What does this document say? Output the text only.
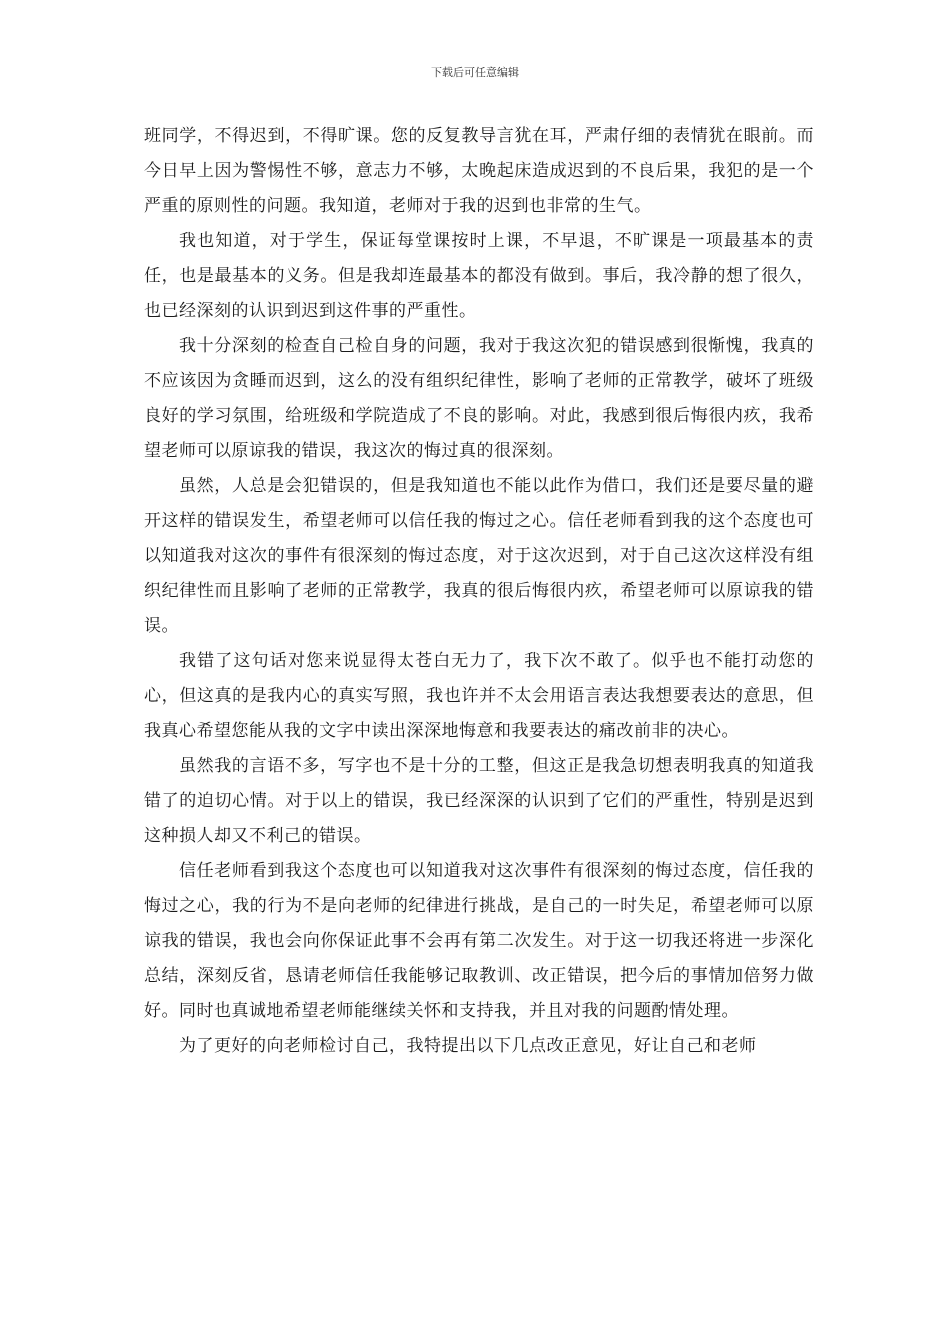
下载后可任意编辑

班同学，不得迟到，不得旷课。您的反复教导言犹在耳，严肃仔细的表情犹在眼前。而今日早上因为警惕性不够，意志力不够，太晚起床造成迟到的不良后果，我犯的是一个严重的原则性的问题。我知道，老师对于我的迟到也非常的生气。

我也知道，对于学生，保证每堂课按时上课，不早退，不旷课是一项最基本的责任，也是最基本的义务。但是我却连最基本的都没有做到。事后，我冷静的想了很久，也已经深刻的认识到迟到这件事的严重性。

我十分深刻的检查自己检自身的问题，我对于我这次犯的错误感到很惭愧，我真的不应该因为贪睡而迟到，这么的没有组织纪律性，影响了老师的正常教学，破坏了班级良好的学习氛围，给班级和学院造成了不良的影响。对此，我感到很后悔很内疚，我希望老师可以原谅我的错误，我这次的悔过真的很深刻。

虽然，人总是会犯错误的，但是我知道也不能以此作为借口，我们还是要尽量的避开这样的错误发生，希望老师可以信任我的悔过之心。信任老师看到我的这个态度也可以知道我对这次的事件有很深刻的悔过态度，对于这次迟到，对于自己这次这样没有组织纪律性而且影响了老师的正常教学，我真的很后悔很内疚，希望老师可以原谅我的错误。

我错了这句话对您来说显得太苍白无力了，我下次不敢了。似乎也不能打动您的心，但这真的是我内心的真实写照，我也许并不太会用语言表达我想要表达的意思，但我真心希望您能从我的文字中读出深深地悔意和我要表达的痛改前非的决心。

虽然我的言语不多，写字也不是十分的工整，但这正是我急切想表明我真的知道我错了的迫切心情。对于以上的错误，我已经深深的认识到了它们的严重性，特别是迟到这种损人却又不利己的错误。

信任老师看到我这个态度也可以知道我对这次事件有很深刻的悔过态度，信任我的悔过之心，我的行为不是向老师的纪律进行挑战，是自己的一时失足，希望老师可以原谅我的错误，我也会向你保证此事不会再有第二次发生。对于这一切我还将进一步深化总结，深刻反省，恳请老师信任我能够记取教训、改正错误，把今后的事情加倍努力做好。同时也真诚地希望老师能继续关怀和支持我，并且对我的问题酌情处理。

为了更好的向老师检讨自己，我特提出以下几点改正意见，好让自己和老师
